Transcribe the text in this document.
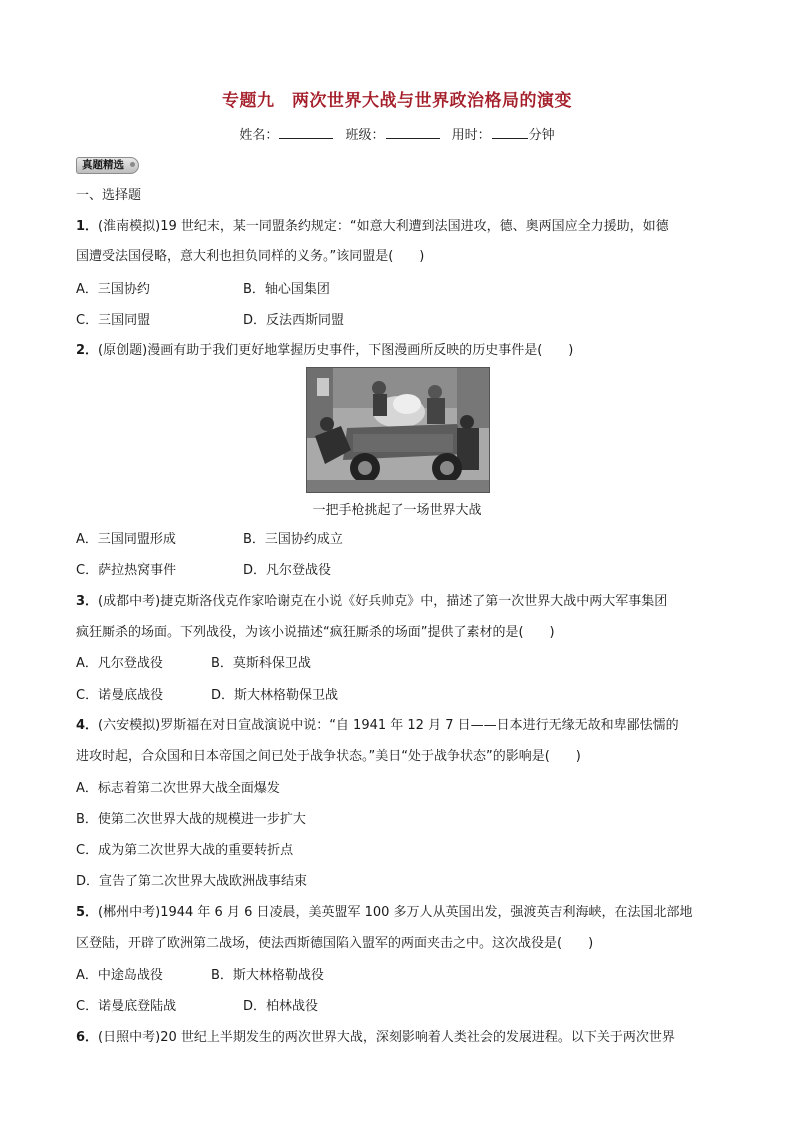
专题九　两次世界大战与世界政治格局的演变
姓名：	班级：	用时：	分钟
真题精选
一、选择题
1．(淮南模拟)19 世纪末，某一同盟条约规定：“如意大利遭到法国进攻，德、奥两国应全力援助，如德
国遭受法国侵略，意大利也担负同样的义务。”该同盟是(　　)
A．三国协约	B．轴心国集团
C．三国同盟	D．反法西斯同盟
2．(原创题)漫画有助于我们更好地掌握历史事件，下图漫画所反映的历史事件是(　　)
一把手枪挑起了一场世界大战
A．三国同盟形成	B．三国协约成立
C．萨拉热窝事件	D．凡尔登战役
3．(成都中考)捷克斯洛伐克作家哈谢克在小说《好兵帅克》中，描述了第一次世界大战中两大军事集团
疯狂厮杀的场面。下列战役，为该小说描述“疯狂厮杀的场面”提供了素材的是(　　)
A．凡尔登战役	B．莫斯科保卫战
C．诺曼底战役	D．斯大林格勒保卫战
4．(六安模拟)罗斯福在对日宣战演说中说：“自 1941 年 12 月 7 日——日本进行无缘无故和卑鄙怯懦的
进攻时起，合众国和日本帝国之间已处于战争状态。”美日“处于战争状态”的影响是(　　)
A．标志着第二次世界大战全面爆发
B．使第二次世界大战的规模进一步扩大
C．成为第二次世界大战的重要转折点
D．宣告了第二次世界大战欧洲战事结束
5．(郴州中考)1944 年 6 月 6 日凌晨，美英盟军 100 多万人从英国出发，强渡英吉利海峡，在法国北部地
区登陆，开辟了欧洲第二战场，使法西斯德国陷入盟军的两面夹击之中。这次战役是(　　)
A．中途岛战役	B．斯大林格勒战役
C．诺曼底登陆战	D．柏林战役
6．(日照中考)20 世纪上半期发生的两次世界大战，深刻影响着人类社会的发展进程。以下关于两次世界
